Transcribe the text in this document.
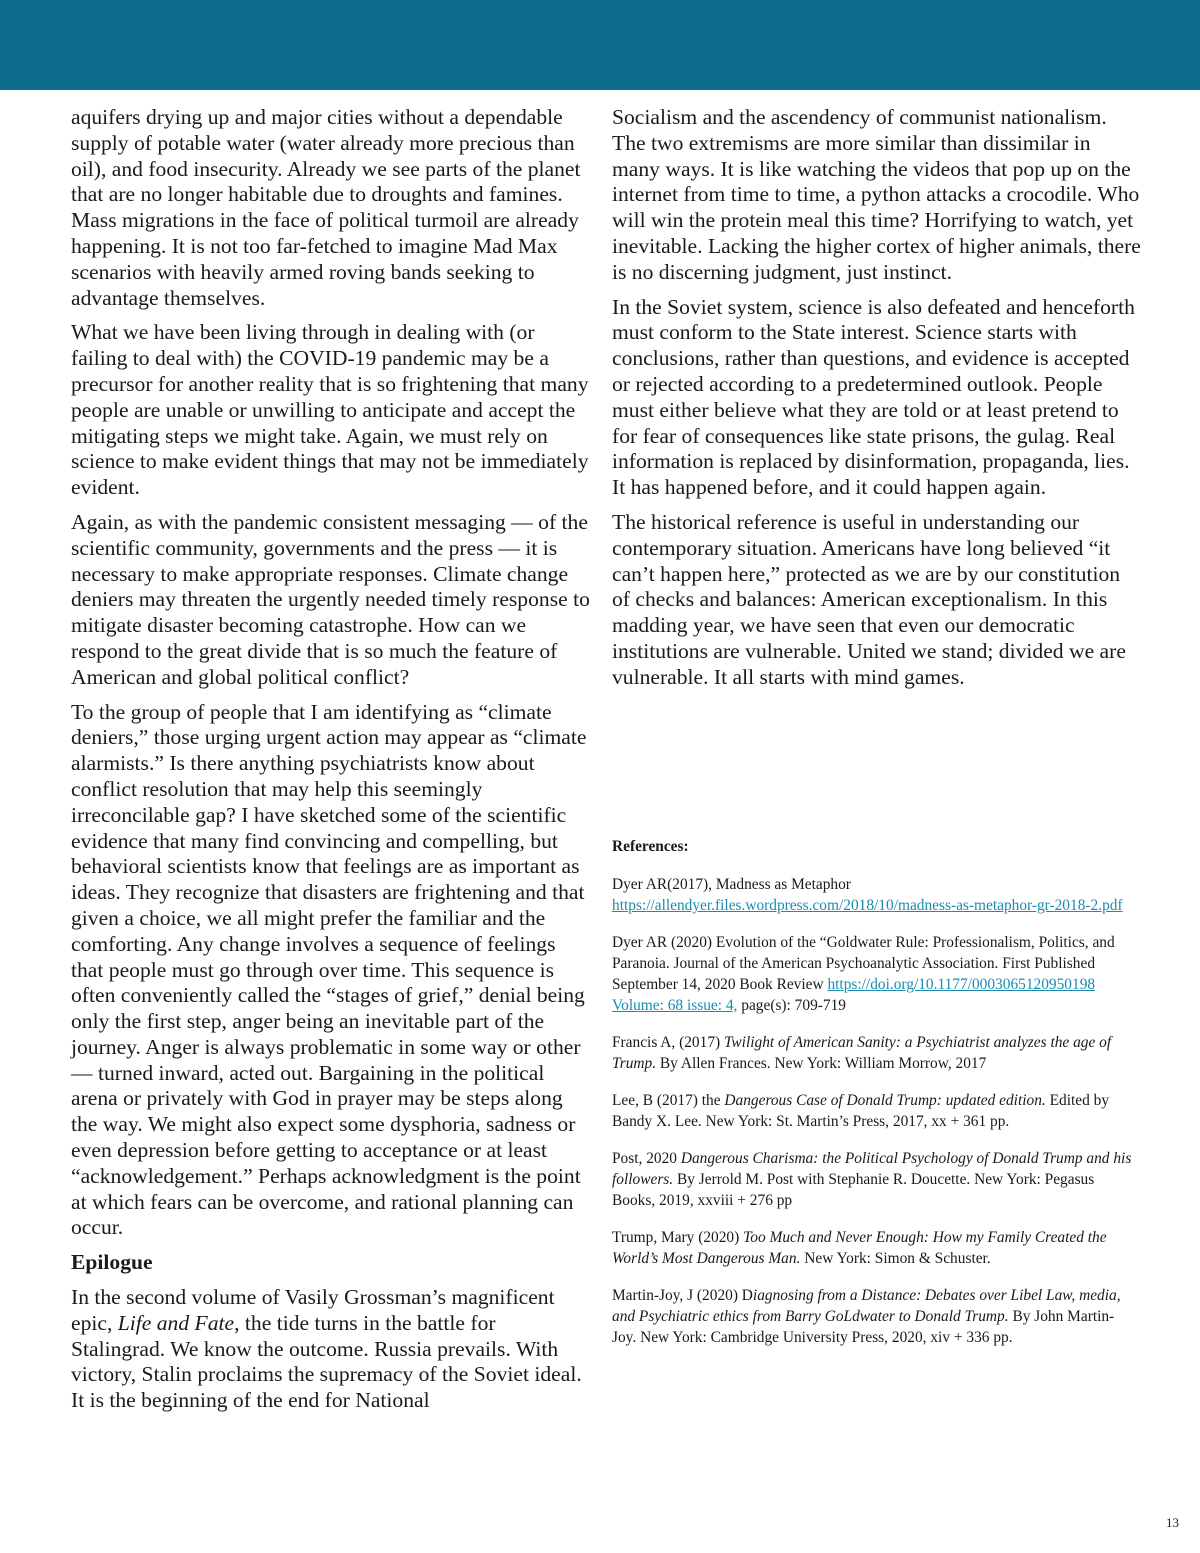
aquifers drying up and major cities without a dependable supply of potable water (water already more precious than oil), and food insecurity. Already we see parts of the planet that are no longer habitable due to droughts and famines. Mass migrations in the face of political turmoil are already happening. It is not too far-fetched to imagine Mad Max scenarios with heavily armed roving bands seeking to advantage themselves.

What we have been living through in dealing with (or failing to deal with) the COVID-19 pandemic may be a precursor for another reality that is so frightening that many people are unable or unwilling to anticipate and accept the mitigating steps we might take. Again, we must rely on science to make evident things that may not be immediately evident.

Again, as with the pandemic consistent messaging — of the scientific community, governments and the press — it is necessary to make appropriate responses. Climate change deniers may threaten the urgently needed timely response to mitigate disaster becoming catastrophe. How can we respond to the great divide that is so much the feature of American and global political conflict?

To the group of people that I am identifying as “climate deniers,” those urging urgent action may appear as “climate alarmists.” Is there anything psychiatrists know about conflict resolution that may help this seemingly irreconcilable gap? I have sketched some of the scientific evidence that many find convincing and compelling, but behavioral scientists know that feelings are as important as ideas. They recognize that disasters are frightening and that given a choice, we all might prefer the familiar and the comforting. Any change involves a sequence of feelings that people must go through over time. This sequence is often conveniently called the “stages of grief,” denial being only the first step, anger being an inevitable part of the journey. Anger is always problematic in some way or other — turned inward, acted out. Bargaining in the political arena or privately with God in prayer may be steps along the way. We might also expect some dysphoria, sadness or even depression before getting to acceptance or at least “acknowledgement.” Perhaps acknowledgment is the point at which fears can be overcome, and rational planning can occur.

Epilogue

In the second volume of Vasily Grossman’s magnificent epic, Life and Fate, the tide turns in the battle for Stalingrad. We know the outcome. Russia prevails. With victory, Stalin proclaims the supremacy of the Soviet ideal. It is the beginning of the end for National

Socialism and the ascendency of communist nationalism. The two extremisms are more similar than dissimilar in many ways. It is like watching the videos that pop up on the internet from time to time, a python attacks a crocodile. Who will win the protein meal this time? Horrifying to watch, yet inevitable. Lacking the higher cortex of higher animals, there is no discerning judgment, just instinct.

In the Soviet system, science is also defeated and henceforth must conform to the State interest. Science starts with conclusions, rather than questions, and evidence is accepted or rejected according to a predetermined outlook. People must either believe what they are told or at least pretend to for fear of consequences like state prisons, the gulag. Real information is replaced by disinformation, propaganda, lies. It has happened before, and it could happen again.

The historical reference is useful in understanding our contemporary situation. Americans have long believed “it can’t happen here,” protected as we are by our constitution of checks and balances: American exceptionalism. In this madding year, we have seen that even our democratic institutions are vulnerable. United we stand; divided we are vulnerable. It all starts with mind games.

References:
Dyer AR(2017), Madness as Metaphor https://allendyer.files.wordpress.com/2018/10/madness-as-metaphor-gr-2018-2.pdf
Dyer AR (2020) Evolution of the “Goldwater Rule: Professionalism, Politics, and Paranoia. Journal of the American Psychoanalytic Association. First Published September 14, 2020 Book Review https://doi.org/10.1177/0003065120950198 Volume: 68 issue: 4, page(s): 709-719
Francis A, (2017) Twilight of American Sanity: a Psychiatrist analyzes the age of Trump. By Allen Frances. New York: William Morrow, 2017
Lee, B (2017) the Dangerous Case of Donald Trump: updated edition. Edited by Bandy X. Lee. New York: St. Martin’s Press, 2017, xx + 361 pp.
Post, 2020 Dangerous Charisma: the Political Psychology of Donald Trump and his followers. By Jerrold M. Post with Stephanie R. Doucette. New York: Pegasus Books, 2019, xxviii + 276 pp
Trump, Mary (2020) Too Much and Never Enough: How my Family Created the World’s Most Dangerous Man. New York: Simon & Schuster.
Martin-Joy, J (2020) Diagnosing from a Distance: Debates over Libel Law, media, and Psychiatric ethics from Barry GoLdwater to Donald Trump. By John Martin-Joy. New York: Cambridge University Press, 2020, xiv + 336 pp.
13
